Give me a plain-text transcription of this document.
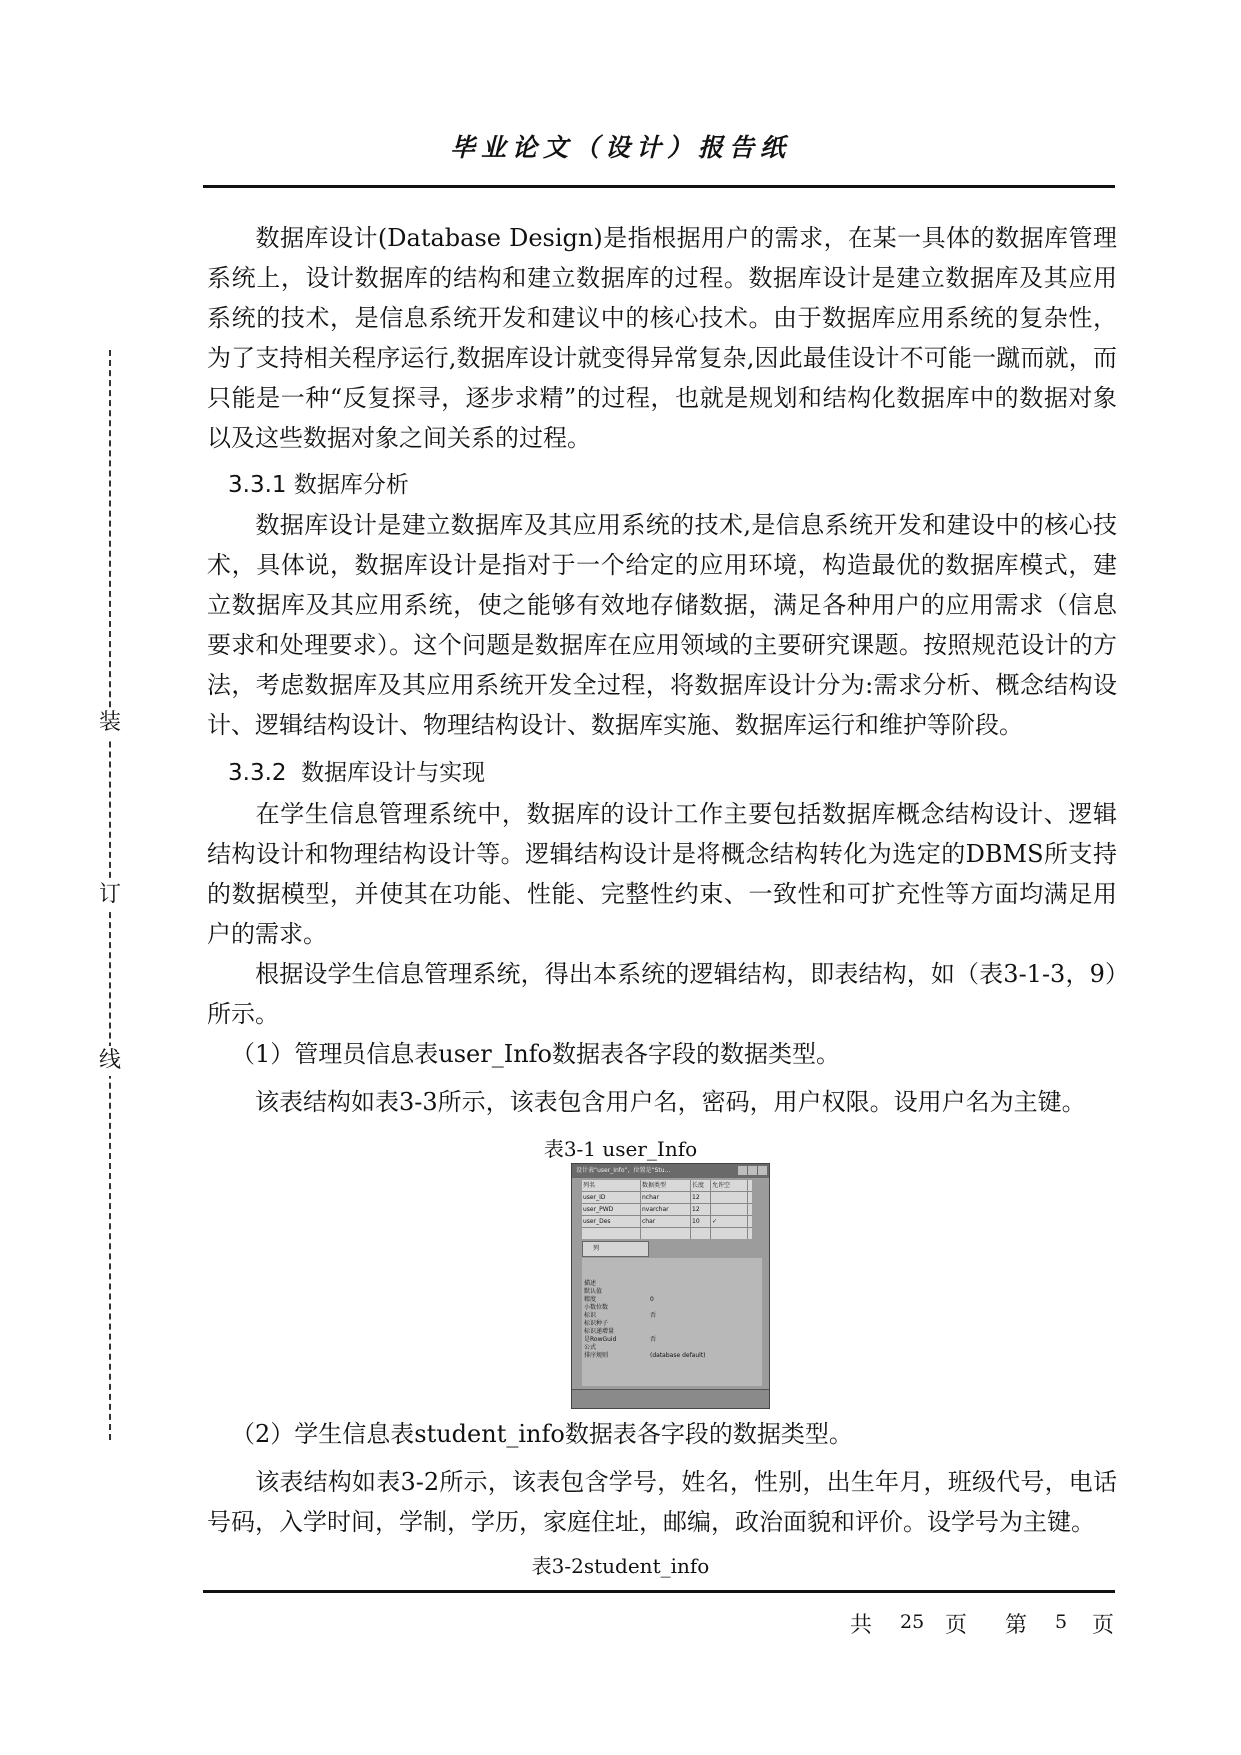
毕业论文（设计）报告纸
装
订
线

数据库设计(Database Design)是指根据用户的需求，在某一具体的数据库管理系统上，设计数据库的结构和建立数据库的过程。数据库设计是建立数据库及其应用系统的技术，是信息系统开发和建议中的核心技术。由于数据库应用系统的复杂性，为了支持相关程序运行,数据库设计就变得异常复杂,因此最佳设计不可能一蹴而就，而只能是一种“反复探寻，逐步求精”的过程，也就是规划和结构化数据库中的数据对象以及这些数据对象之间关系的过程。

3.3.1 数据库分析

数据库设计是建立数据库及其应用系统的技术,是信息系统开发和建设中的核心技术，具体说，数据库设计是指对于一个给定的应用环境，构造最优的数据库模式，建立数据库及其应用系统，使之能够有效地存储数据，满足各种用户的应用需求（信息要求和处理要求）。这个问题是数据库在应用领域的主要研究课题。按照规范设计的方法，考虑数据库及其应用系统开发全过程，将数据库设计分为:需求分析、概念结构设计、逻辑结构设计、物理结构设计、数据库实施、数据库运行和维护等阶段。

3.3.2 数据库设计与实现

在学生信息管理系统中，数据库的设计工作主要包括数据库概念结构设计、逻辑结构设计和物理结构设计等。逻辑结构设计是将概念结构转化为选定的DBMS所支持的数据模型，并使其在功能、性能、完整性约束、一致性和可扩充性等方面均满足用户的需求。

根据设学生信息管理系统，得出本系统的逻辑结构，即表结构，如（表3-1-3，9）所示。

（1）管理员信息表user_Info数据表各字段的数据类型。

该表结构如表3-3所示，该表包含用户名，密码，用户权限。设用户名为主键。

表3-1 user_Info
设计表“user_Info”，位置是“Stu...
列名	数据类型	长度	允许空
user_ID	nchar	12
user_PWD	nvarchar	12
user_Des	char	10	✓
列
描述
默认值
精度	0
小数位数
标识	否
标识种子
标识递增量
是RowGuid	否
公式
排序规则	(database default)

（2）学生信息表student_info数据表各字段的数据类型。

该表结构如表3-2所示，该表包含学号，姓名，性别，出生年月，班级代号，电话号码，入学时间，学制，学历，家庭住址，邮编，政治面貌和评价。设学号为主键。

表3-2student_info
共 25 页 第 5 页
